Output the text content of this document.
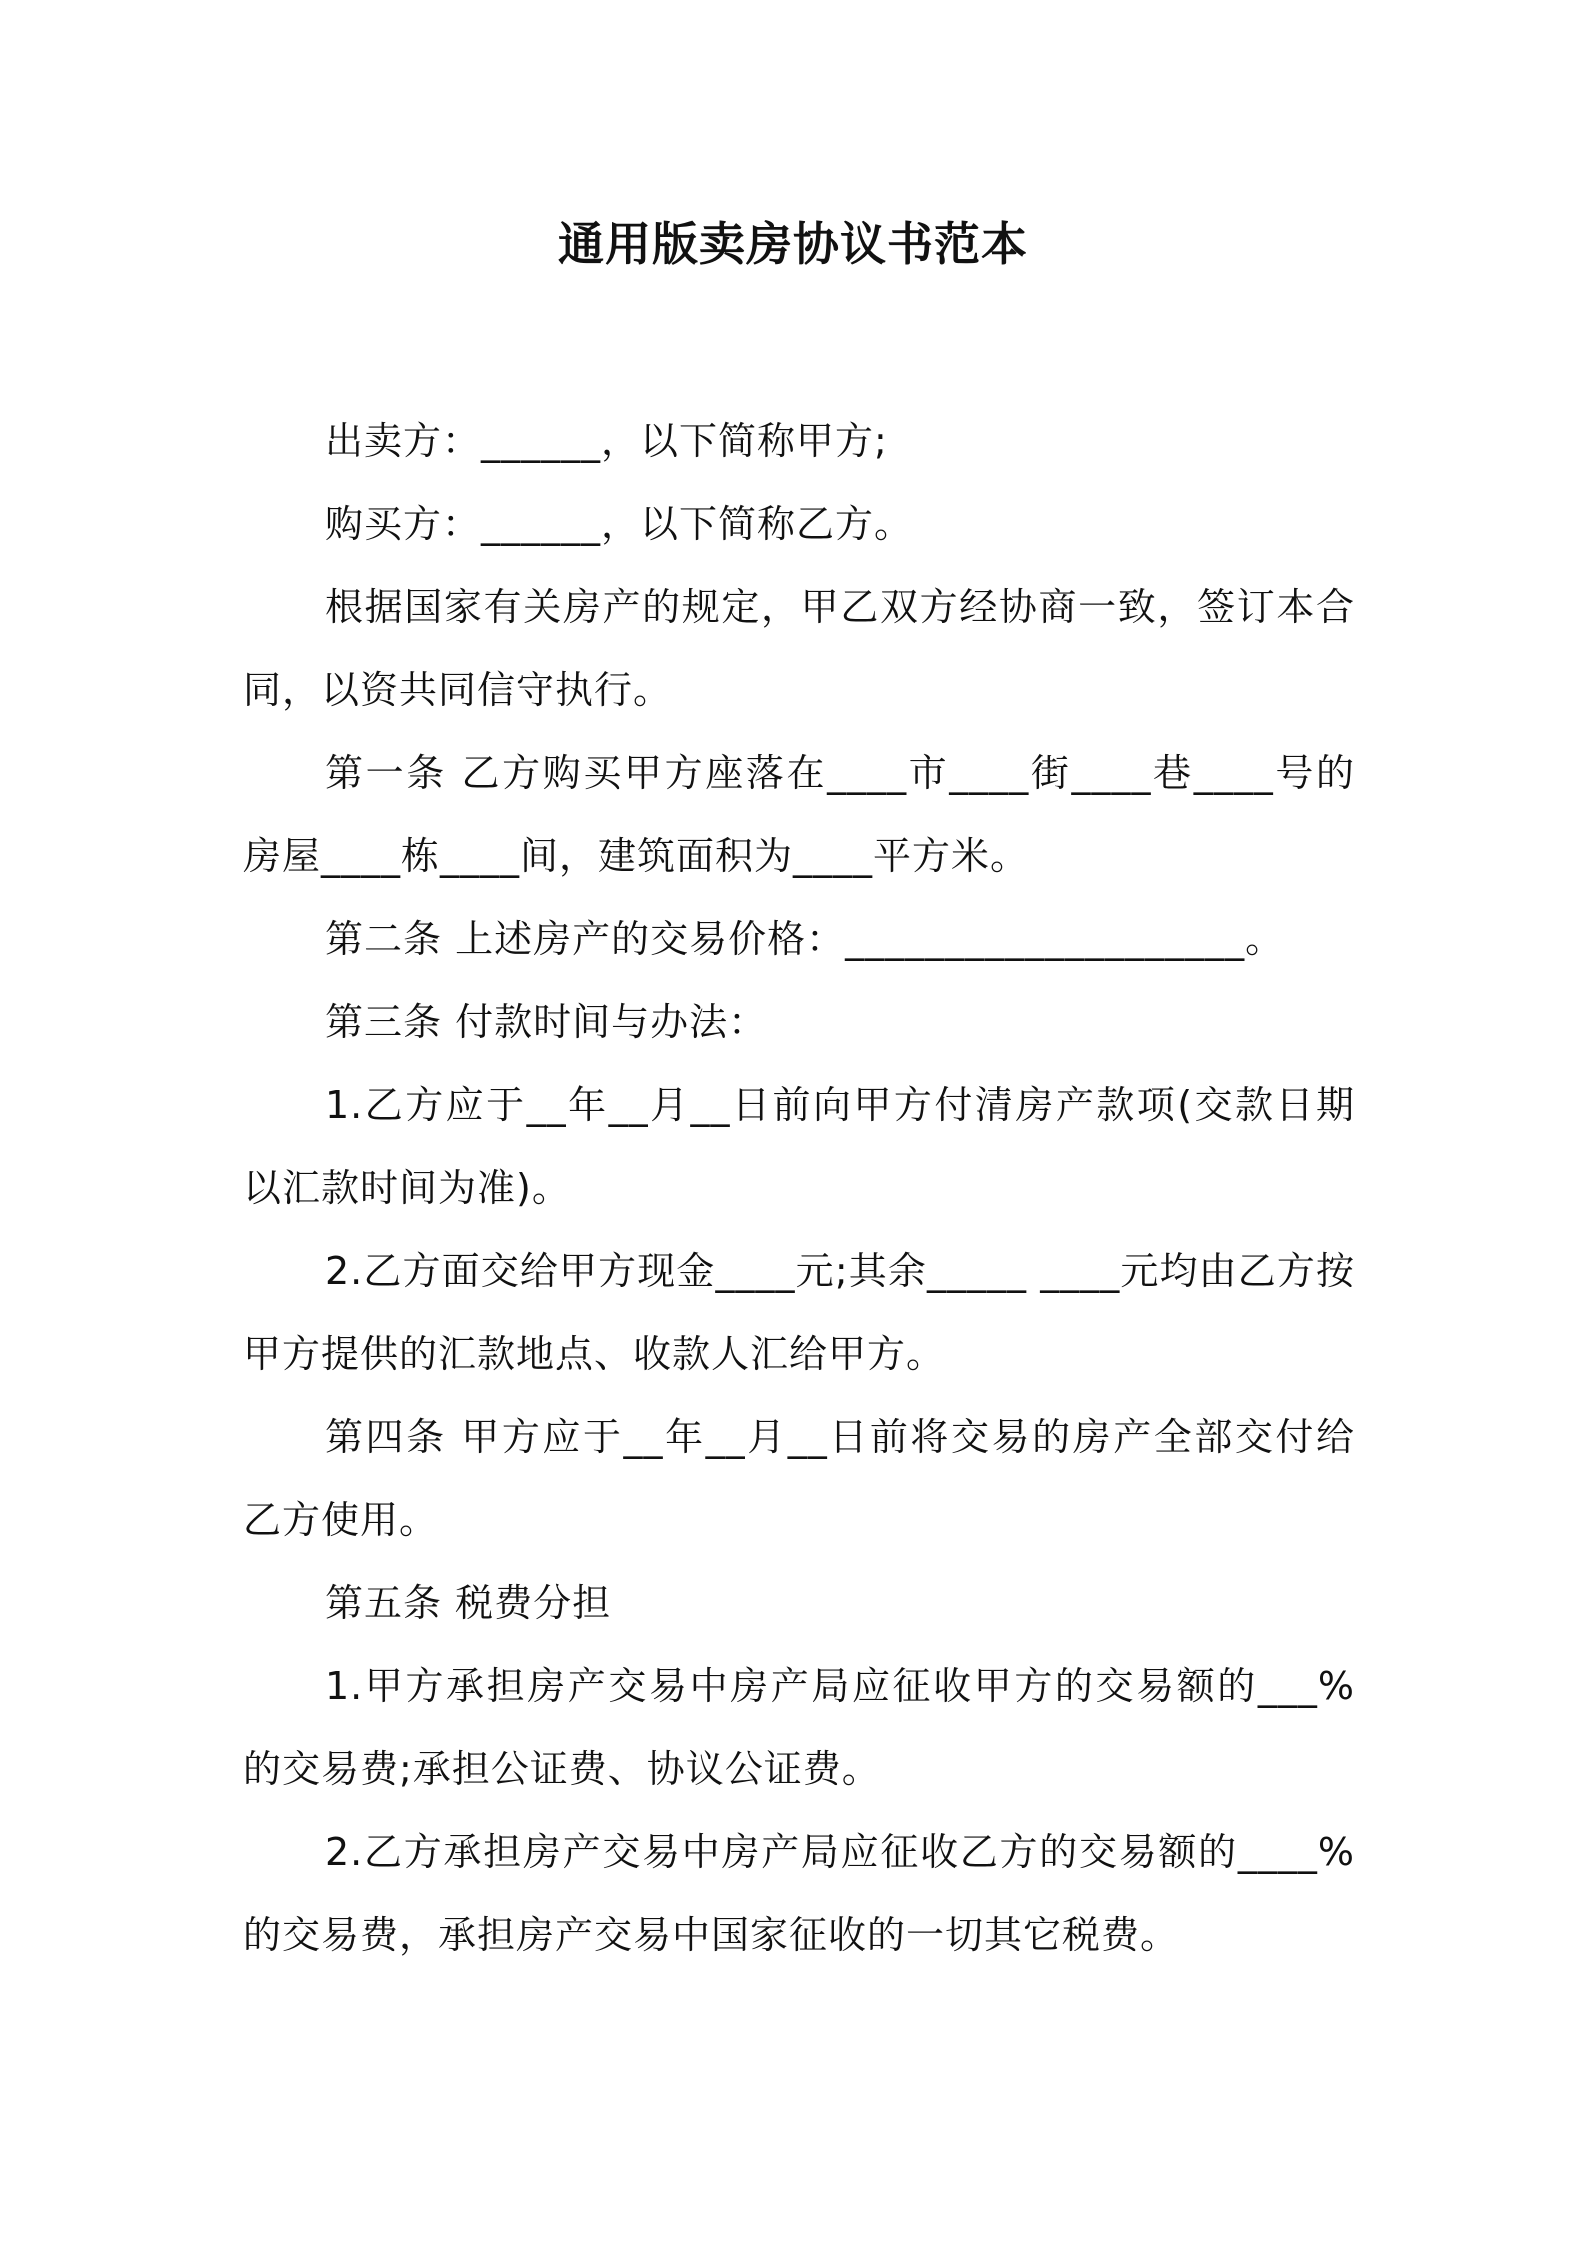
通用版卖房协议书范本

出卖方：______，以下简称甲方;

购买方：______，以下简称乙方。

根据国家有关房产的规定，甲乙双方经协商一致，签订本合同，以资共同信守执行。

第一条 乙方购买甲方座落在____市____街____巷____号的房屋____栋____间，建筑面积为____平方米。

第二条 上述房产的交易价格：____________________。

第三条 付款时间与办法：

1.乙方应于__年__月__日前向甲方付清房产款项(交款日期以汇款时间为准)。

2.乙方面交给甲方现金____元;其余_____ ____元均由乙方按甲方提供的汇款地点、收款人汇给甲方。

第四条 甲方应于__年__月__日前将交易的房产全部交付给乙方使用。

第五条 税费分担

1.甲方承担房产交易中房产局应征收甲方的交易额的___%的交易费;承担公证费、协议公证费。

2.乙方承担房产交易中房产局应征收乙方的交易额的____%的交易费，承担房产交易中国家征收的一切其它税费。
